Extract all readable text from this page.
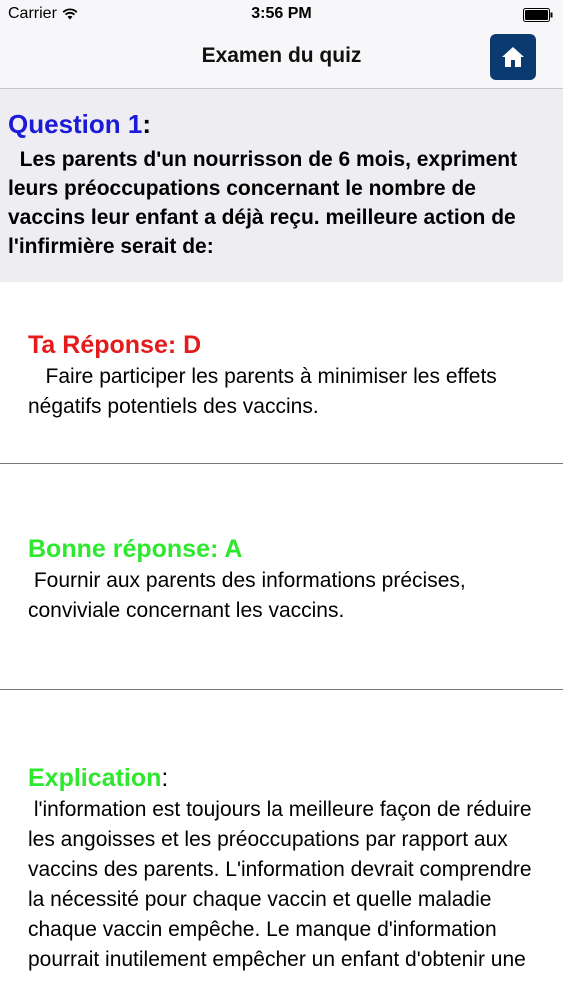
Carrier	3:56 PM
Examen du quiz
Question 1:
Les parents d'un nourrisson de 6 mois, expriment leurs préoccupations concernant le nombre de vaccins leur enfant a déjà reçu. meilleure action de l'infirmière serait de:
Ta Réponse: D
Faire participer les parents à minimiser les effets négatifs potentiels des vaccins.
Bonne réponse: A
Fournir aux parents des informations précises, conviviale concernant les vaccins.
Explication:
l'information est toujours la meilleure façon de réduire les angoisses et les préoccupations par rapport aux vaccins des parents. L'information devrait comprendre la nécessité pour chaque vaccin et quelle maladie chaque vaccin empêche. Le manque d'information pourrait inutilement empêcher un enfant d'obtenir une
